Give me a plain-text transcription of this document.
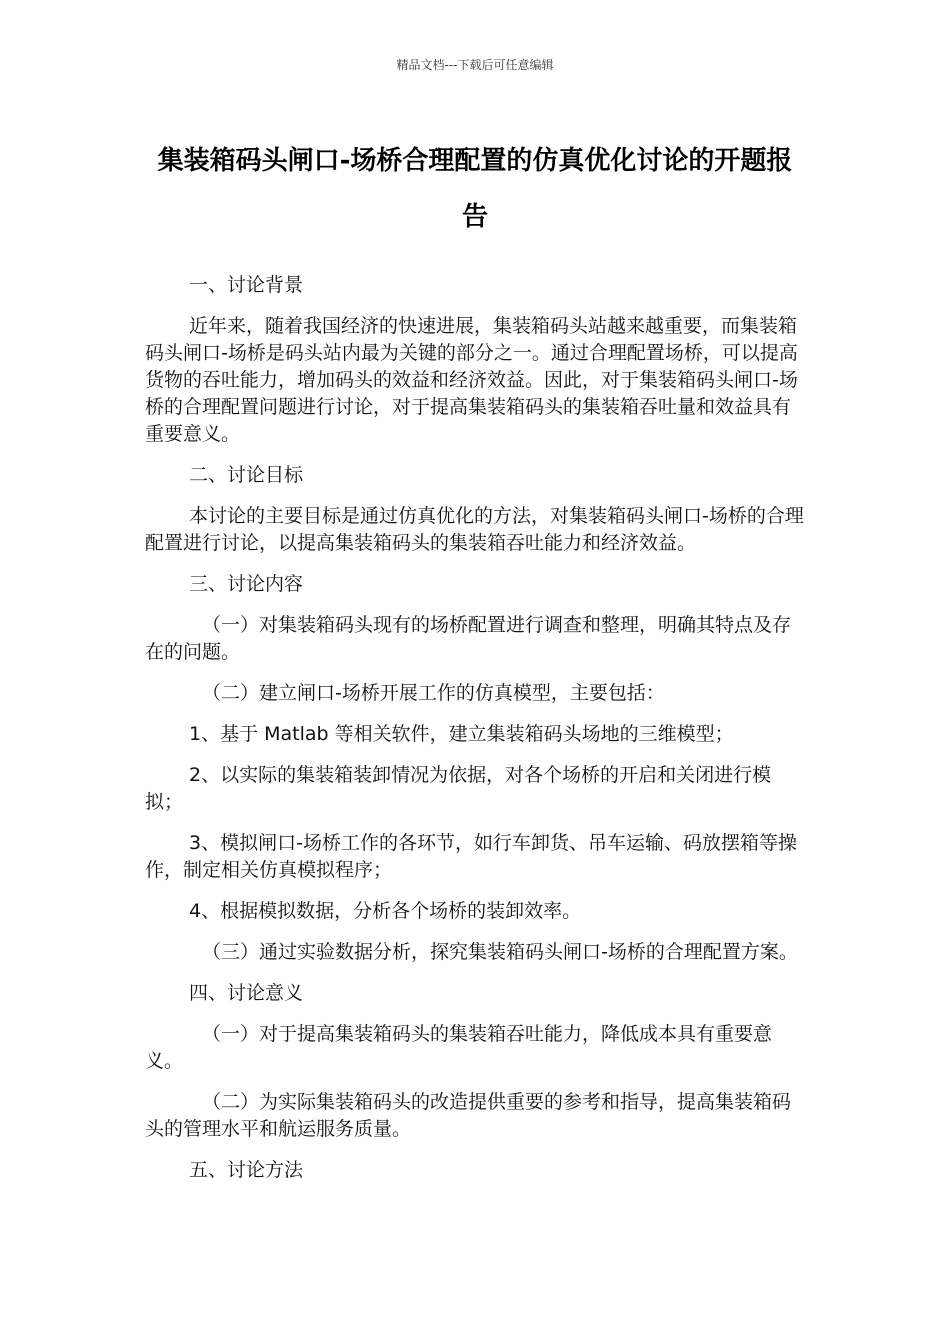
精品文档---下载后可任意编辑
集装箱码头闸口-场桥合理配置的仿真优化讨论的开题报告

一、讨论背景

近年来，随着我国经济的快速进展，集装箱码头站越来越重要，而集装箱码头闸口-场桥是码头站内最为关键的部分之一。通过合理配置场桥，可以提高货物的吞吐能力，增加码头的效益和经济效益。因此，对于集装箱码头闸口-场桥的合理配置问题进行讨论，对于提高集装箱码头的集装箱吞吐量和效益具有重要意义。

二、讨论目标

本讨论的主要目标是通过仿真优化的方法，对集装箱码头闸口-场桥的合理配置进行讨论，以提高集装箱码头的集装箱吞吐能力和经济效益。

三、讨论内容

（一）对集装箱码头现有的场桥配置进行调查和整理，明确其特点及存在的问题。

（二）建立闸口-场桥开展工作的仿真模型，主要包括：

1、基于 Matlab 等相关软件，建立集装箱码头场地的三维模型；

2、以实际的集装箱装卸情况为依据，对各个场桥的开启和关闭进行模拟；

3、模拟闸口-场桥工作的各环节，如行车卸货、吊车运输、码放摆箱等操作，制定相关仿真模拟程序；

4、根据模拟数据，分析各个场桥的装卸效率。

（三）通过实验数据分析，探究集装箱码头闸口-场桥的合理配置方案。

四、讨论意义

（一）对于提高集装箱码头的集装箱吞吐能力，降低成本具有重要意义。

（二）为实际集装箱码头的改造提供重要的参考和指导，提高集装箱码头的管理水平和航运服务质量。

五、讨论方法
